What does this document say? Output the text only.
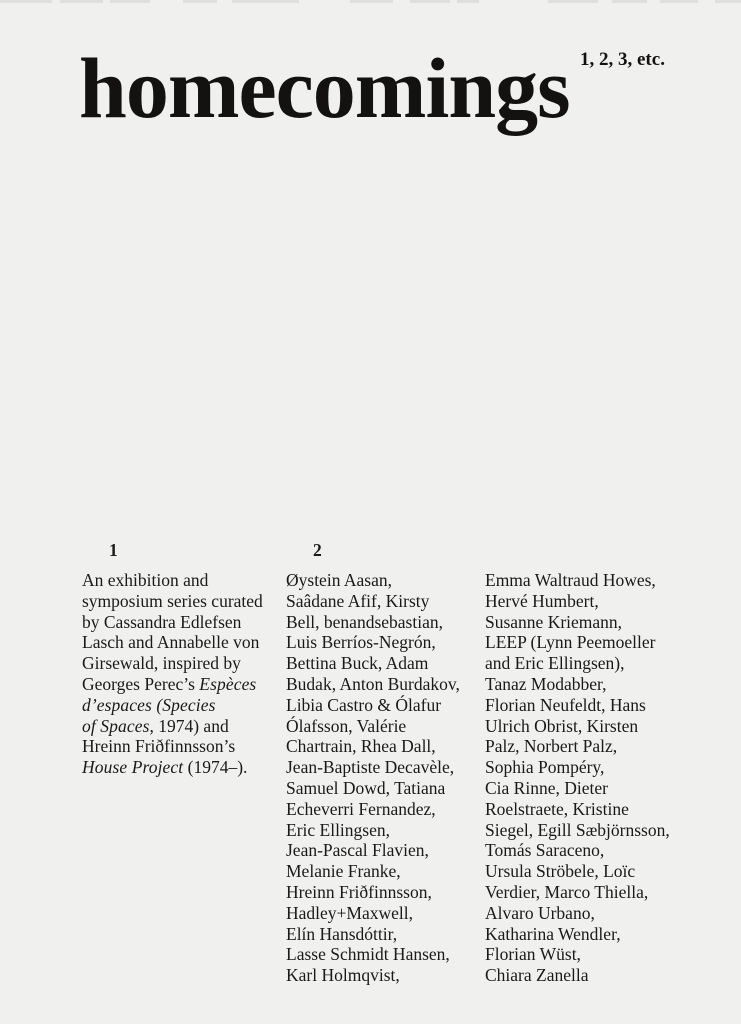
homecomings 1, 2, 3, etc.
1
An exhibition and
symposium series curated
by Cassandra Edlefsen
Lasch and Annabelle von
Girsewald, inspired by
Georges Perec’s Espèces
d’espaces (Species
of Spaces, 1974) and
Hreinn Friðfinnsson’s
House Project (1974–).
2
Øystein Aasan,
Saâdane Afif, Kirsty
Bell, benandsebastian,
Luis Berríos-Negrón,
Bettina Buck, Adam
Budak, Anton Burdakov,
Libia Castro & Ólafur
Ólafsson, Valérie
Chartrain, Rhea Dall,
Jean-Baptiste Decavèle,
Samuel Dowd, Tatiana
Echeverri Fernandez,
Eric Ellingsen,
Jean-Pascal Flavien,
Melanie Franke,
Hreinn Friðfinnsson,
Hadley+Maxwell,
Elín Hansdóttir,
Lasse Schmidt Hansen,
Karl Holmqvist,
Emma Waltraud Howes,
Hervé Humbert,
Susanne Kriemann,
LEEP (Lynn Peemoeller
and Eric Ellingsen),
Tanaz Modabber,
Florian Neufeldt, Hans
Ulrich Obrist, Kirsten
Palz, Norbert Palz,
Sophia Pompéry,
Cia Rinne, Dieter
Roelstraete, Kristine
Siegel, Egill Sæbjörnsson,
Tomás Saraceno,
Ursula Ströbele, Loïc
Verdier, Marco Thiella,
Alvaro Urbano,
Katharina Wendler,
Florian Wüst,
Chiara Zanella
